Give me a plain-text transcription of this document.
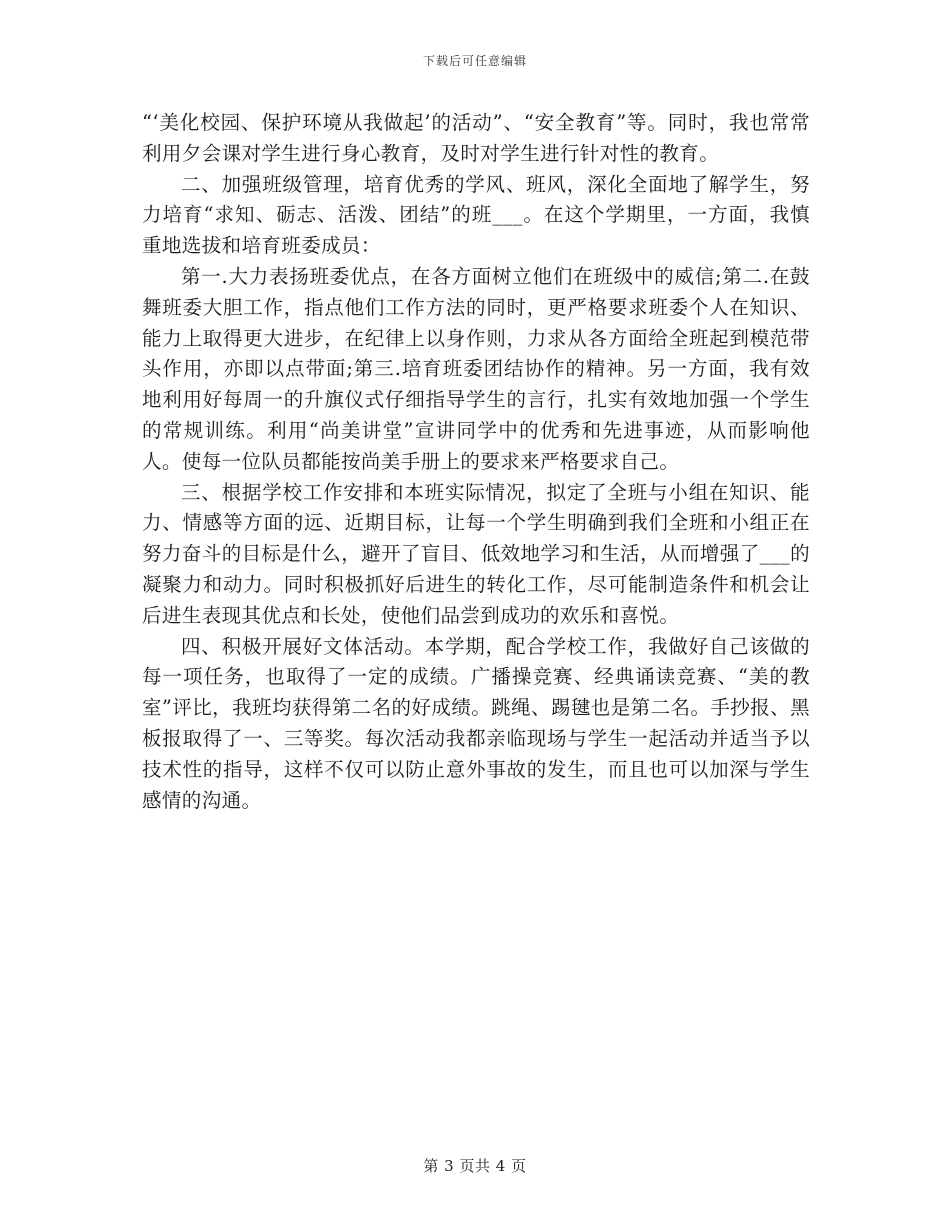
下载后可任意编辑

“‘美化校园、保护环境从我做起’的活动”、“安全教育”等。同时，我也常常利用夕会课对学生进行身心教育，及时对学生进行针对性的教育。

二、加强班级管理，培育优秀的学风、班风，深化全面地了解学生，努力培育“求知、砺志、活泼、团结”的班___。在这个学期里，一方面，我慎重地选拔和培育班委成员：

第一.大力表扬班委优点，在各方面树立他们在班级中的威信;第二.在鼓舞班委大胆工作，指点他们工作方法的同时，更严格要求班委个人在知识、能力上取得更大进步，在纪律上以身作则，力求从各方面给全班起到模范带头作用，亦即以点带面;第三.培育班委团结协作的精神。另一方面，我有效地利用好每周一的升旗仪式仔细指导学生的言行，扎实有效地加强一个学生的常规训练。利用“尚美讲堂”宣讲同学中的优秀和先进事迹，从而影响他人。使每一位队员都能按尚美手册上的要求来严格要求自己。

三、根据学校工作安排和本班实际情况，拟定了全班与小组在知识、能力、情感等方面的远、近期目标，让每一个学生明确到我们全班和小组正在努力奋斗的目标是什么，避开了盲目、低效地学习和生活，从而增强了___的凝聚力和动力。同时积极抓好后进生的转化工作，尽可能制造条件和机会让后进生表现其优点和长处，使他们品尝到成功的欢乐和喜悦。

四、积极开展好文体活动。本学期，配合学校工作，我做好自己该做的每一项任务，也取得了一定的成绩。广播操竞赛、经典诵读竞赛、“美的教室”评比，我班均获得第二名的好成绩。跳绳、踢毽也是第二名。手抄报、黑板报取得了一、三等奖。每次活动我都亲临现场与学生一起活动并适当予以技术性的指导，这样不仅可以防止意外事故的发生，而且也可以加深与学生感情的沟通。

第 3 页共 4 页
